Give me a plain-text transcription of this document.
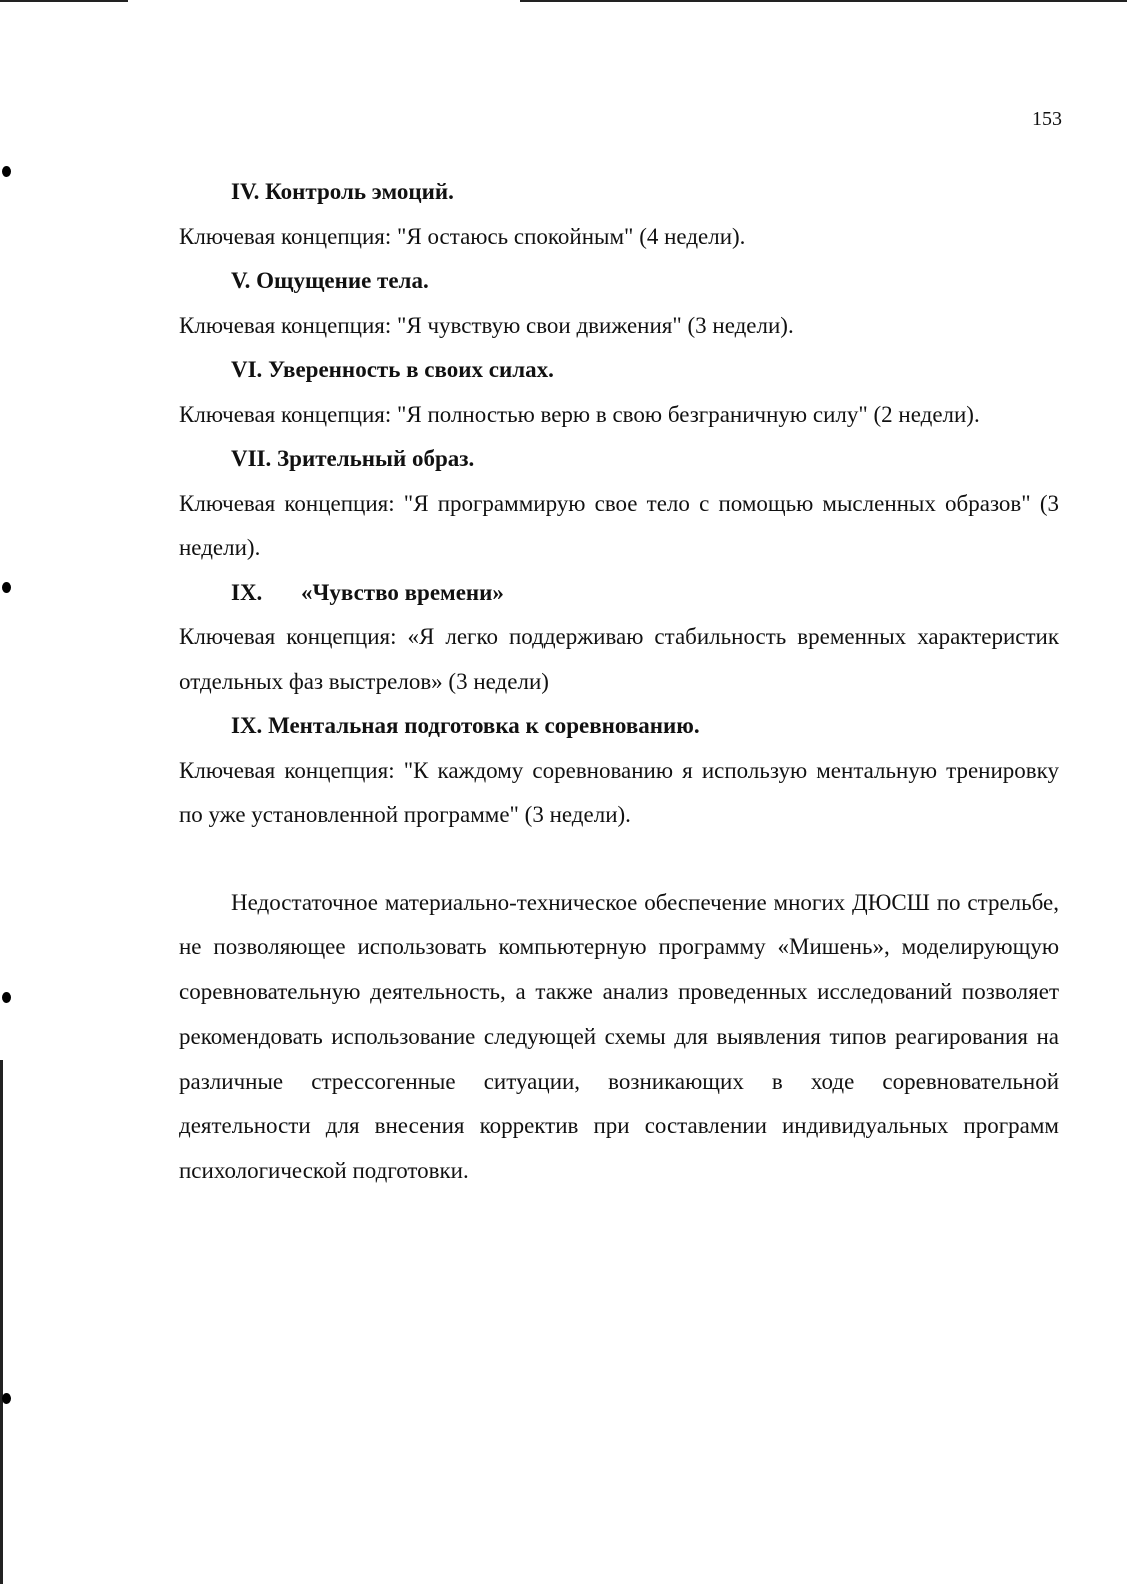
153

IV. Контроль эмоций.

Ключевая концепция: "Я остаюсь спокойным" (4 недели).

V. Ощущение тела.

Ключевая концепция: "Я чувствую свои движения" (3 недели).

VI. Уверенность в своих силах.

Ключевая концепция: "Я полностью верю в свою безграничную силу" (2 недели).

VII. Зрительный образ.

Ключевая концепция: "Я программирую свое тело с помощью мысленных образов" (3 недели).

IX. «Чувство времени»

Ключевая концепция: «Я легко поддерживаю стабильность временных характеристик отдельных фаз выстрелов» (3 недели)

IX. Ментальная подготовка к соревнованию.

Ключевая концепция: "К каждому соревнованию я использую ментальную тренировку по уже установленной программе" (3 недели).

Недостаточное материально-техническое обеспечение многих ДЮСШ по стрельбе, не позволяющее использовать компьютерную программу «Мишень», моделирующую соревновательную деятельность, а также анализ проведенных исследований позволяет рекомендовать использование следующей схемы для выявления типов реагирования на различные стрессогенные ситуации, возникающих в ходе соревновательной деятельности для внесения корректив при составлении индивидуальных программ психологической подготовки.
